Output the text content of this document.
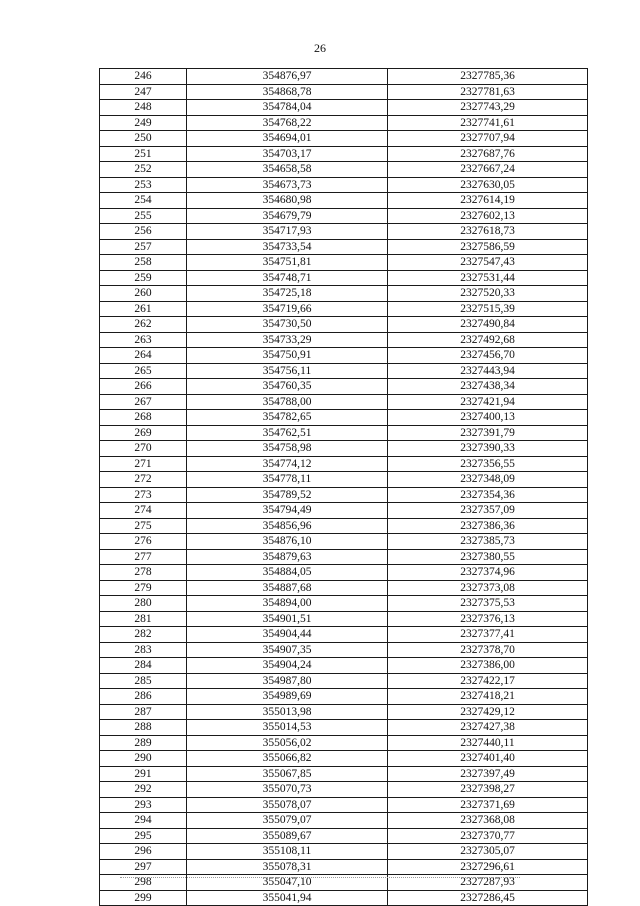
26
246	354876,97	2327785,36
247	354868,78	2327781,63
248	354784,04	2327743,29
249	354768,22	2327741,61
250	354694,01	2327707,94
251	354703,17	2327687,76
252	354658,58	2327667,24
253	354673,73	2327630,05
254	354680,98	2327614,19
255	354679,79	2327602,13
256	354717,93	2327618,73
257	354733,54	2327586,59
258	354751,81	2327547,43
259	354748,71	2327531,44
260	354725,18	2327520,33
261	354719,66	2327515,39
262	354730,50	2327490,84
263	354733,29	2327492,68
264	354750,91	2327456,70
265	354756,11	2327443,94
266	354760,35	2327438,34
267	354788,00	2327421,94
268	354782,65	2327400,13
269	354762,51	2327391,79
270	354758,98	2327390,33
271	354774,12	2327356,55
272	354778,11	2327348,09
273	354789,52	2327354,36
274	354794,49	2327357,09
275	354856,96	2327386,36
276	354876,10	2327385,73
277	354879,63	2327380,55
278	354884,05	2327374,96
279	354887,68	2327373,08
280	354894,00	2327375,53
281	354901,51	2327376,13
282	354904,44	2327377,41
283	354907,35	2327378,70
284	354904,24	2327386,00
285	354987,80	2327422,17
286	354989,69	2327418,21
287	355013,98	2327429,12
288	355014,53	2327427,38
289	355056,02	2327440,11
290	355066,82	2327401,40
291	355067,85	2327397,49
292	355070,73	2327398,27
293	355078,07	2327371,69
294	355079,07	2327368,08
295	355089,67	2327370,77
296	355108,11	2327305,07
297	355078,31	2327296,61
298	355047,10	2327287,93
299	355041,94	2327286,45
